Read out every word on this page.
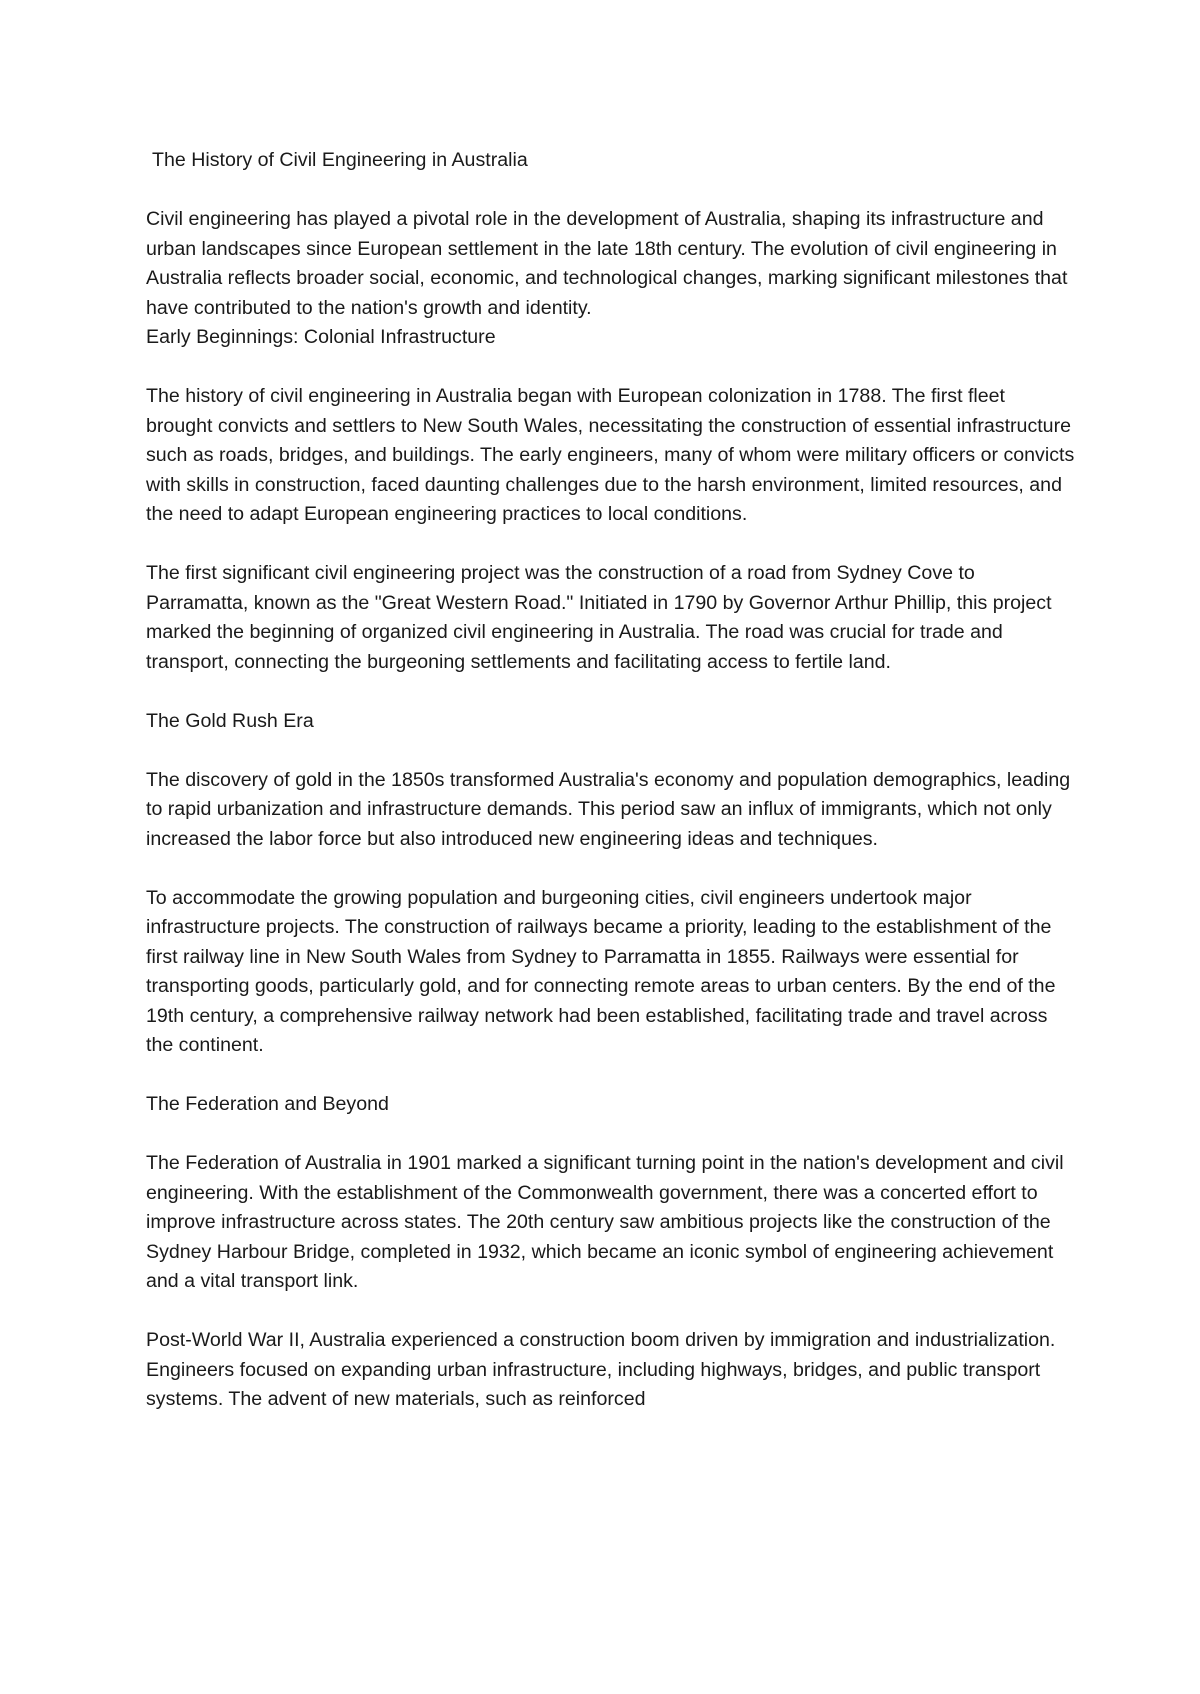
The History of Civil Engineering in Australia

Civil engineering has played a pivotal role in the development of Australia, shaping its infrastructure and urban landscapes since European settlement in the late 18th century. The evolution of civil engineering in Australia reflects broader social, economic, and technological changes, marking significant milestones that have contributed to the nation's growth and identity.

Early Beginnings: Colonial Infrastructure

The history of civil engineering in Australia began with European colonization in 1788. The first fleet brought convicts and settlers to New South Wales, necessitating the construction of essential infrastructure such as roads, bridges, and buildings. The early engineers, many of whom were military officers or convicts with skills in construction, faced daunting challenges due to the harsh environment, limited resources, and the need to adapt European engineering practices to local conditions.

The first significant civil engineering project was the construction of a road from Sydney Cove to Parramatta, known as the "Great Western Road." Initiated in 1790 by Governor Arthur Phillip, this project marked the beginning of organized civil engineering in Australia. The road was crucial for trade and transport, connecting the burgeoning settlements and facilitating access to fertile land.

The Gold Rush Era

The discovery of gold in the 1850s transformed Australia's economy and population demographics, leading to rapid urbanization and infrastructure demands. This period saw an influx of immigrants, which not only increased the labor force but also introduced new engineering ideas and techniques.

To accommodate the growing population and burgeoning cities, civil engineers undertook major infrastructure projects. The construction of railways became a priority, leading to the establishment of the first railway line in New South Wales from Sydney to Parramatta in 1855. Railways were essential for transporting goods, particularly gold, and for connecting remote areas to urban centers. By the end of the 19th century, a comprehensive railway network had been established, facilitating trade and travel across the continent.

The Federation and Beyond

The Federation of Australia in 1901 marked a significant turning point in the nation's development and civil engineering. With the establishment of the Commonwealth government, there was a concerted effort to improve infrastructure across states. The 20th century saw ambitious projects like the construction of the Sydney Harbour Bridge, completed in 1932, which became an iconic symbol of engineering achievement and a vital transport link.

Post-World War II, Australia experienced a construction boom driven by immigration and industrialization. Engineers focused on expanding urban infrastructure, including highways, bridges, and public transport systems. The advent of new materials, such as reinforced
